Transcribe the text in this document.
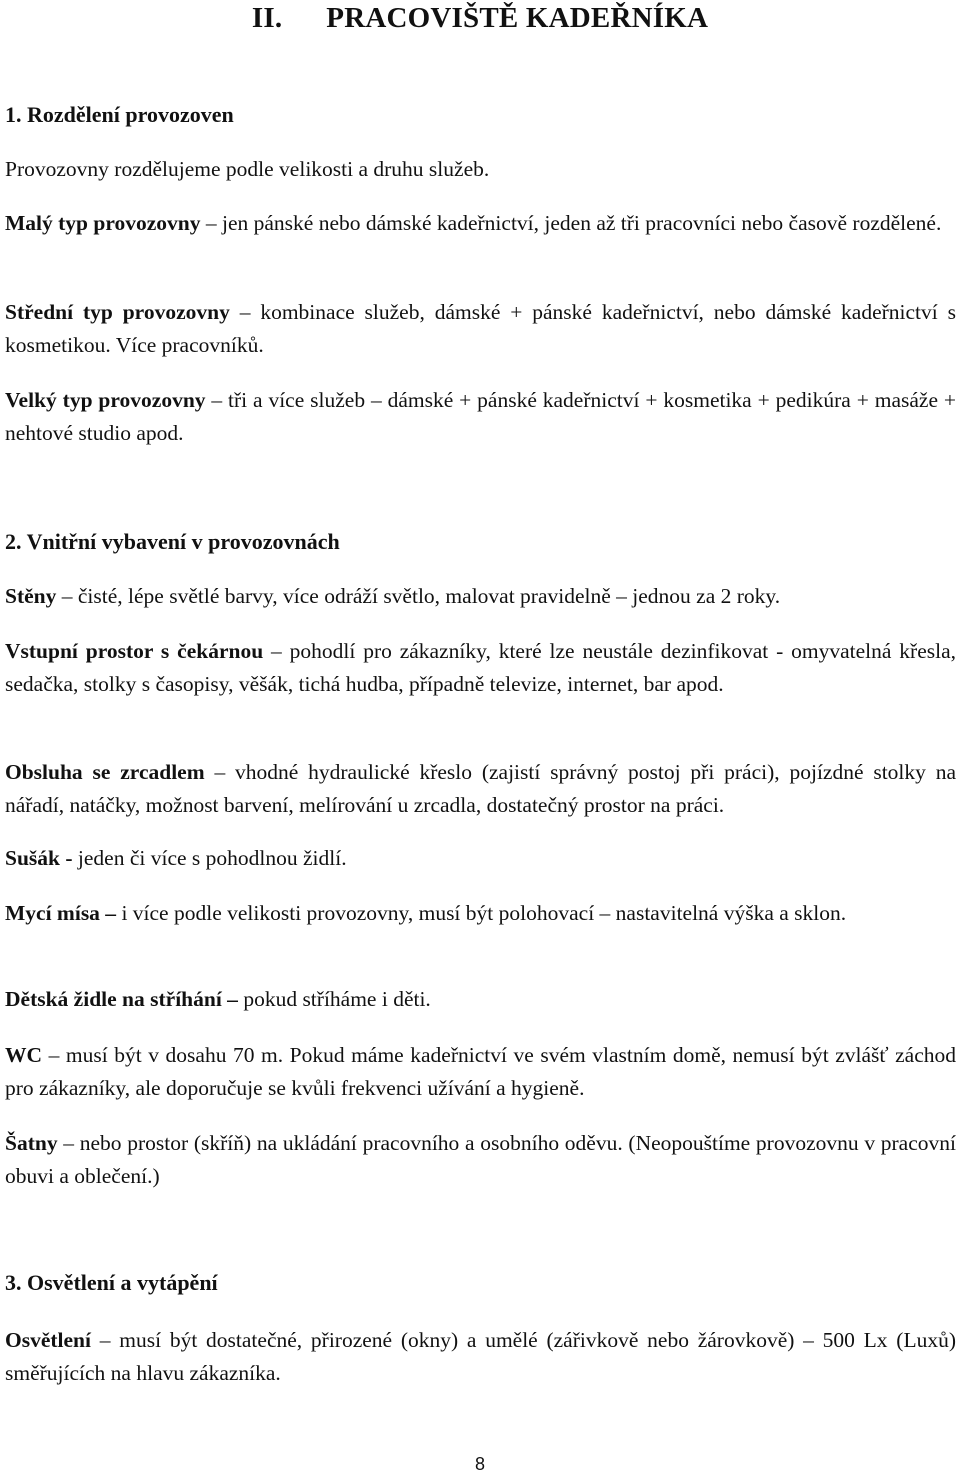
II. PRACOVIŠTĚ KADEŘNÍKA
1. Rozdělení provozoven
Provozovny rozdělujeme podle velikosti a druhu služeb.
Malý typ provozovny – jen pánské nebo dámské kadeřnictví, jeden až tři pracovníci nebo časově rozdělené.
Střední typ provozovny – kombinace služeb, dámské + pánské kadeřnictví, nebo dámské kadeřnictví s kosmetikou. Více pracovníků.
Velký typ provozovny – tři a více služeb – dámské + pánské kadeřnictví + kosmetika + pedikúra + masáže + nehtové studio apod.
2. Vnitřní vybavení v provozovnách
Stěny – čisté, lépe světlé barvy, více odráží světlo, malovat pravidelně – jednou za 2 roky.
Vstupní prostor s čekárnou – pohodlí pro zákazníky, které lze neustále dezinfikovat - omyvatelná křesla, sedačka, stolky s časopisy, věšák, tichá hudba, případně televize, internet, bar apod.
Obsluha se zrcadlem – vhodné hydraulické křeslo (zajistí správný postoj při práci), pojízdné stolky na nářadí, natáčky, možnost barvení, melírování u zrcadla, dostatečný prostor na práci.
Sušák - jeden či více s pohodlnou židlí.
Mycí mísa – i více podle velikosti provozovny, musí být polohovací – nastavitelná výška a sklon.
Dětská židle na stříhání – pokud stříháme i děti.
WC – musí být v dosahu 70 m. Pokud máme kadeřnictví ve svém vlastním domě, nemusí být zvlášť záchod pro zákazníky, ale doporučuje se kvůli frekvenci užívání a hygieně.
Šatny – nebo prostor (skříň) na ukládání pracovního a osobního oděvu. (Neopouštíme provozovnu v pracovní obuvi a oblečení.)
3. Osvětlení a vytápění
Osvětlení – musí být dostatečné, přirozené (okny) a umělé (zářivkově nebo žárovkově) – 500 Lx (Luxů) směřujících na hlavu zákazníka.
8
